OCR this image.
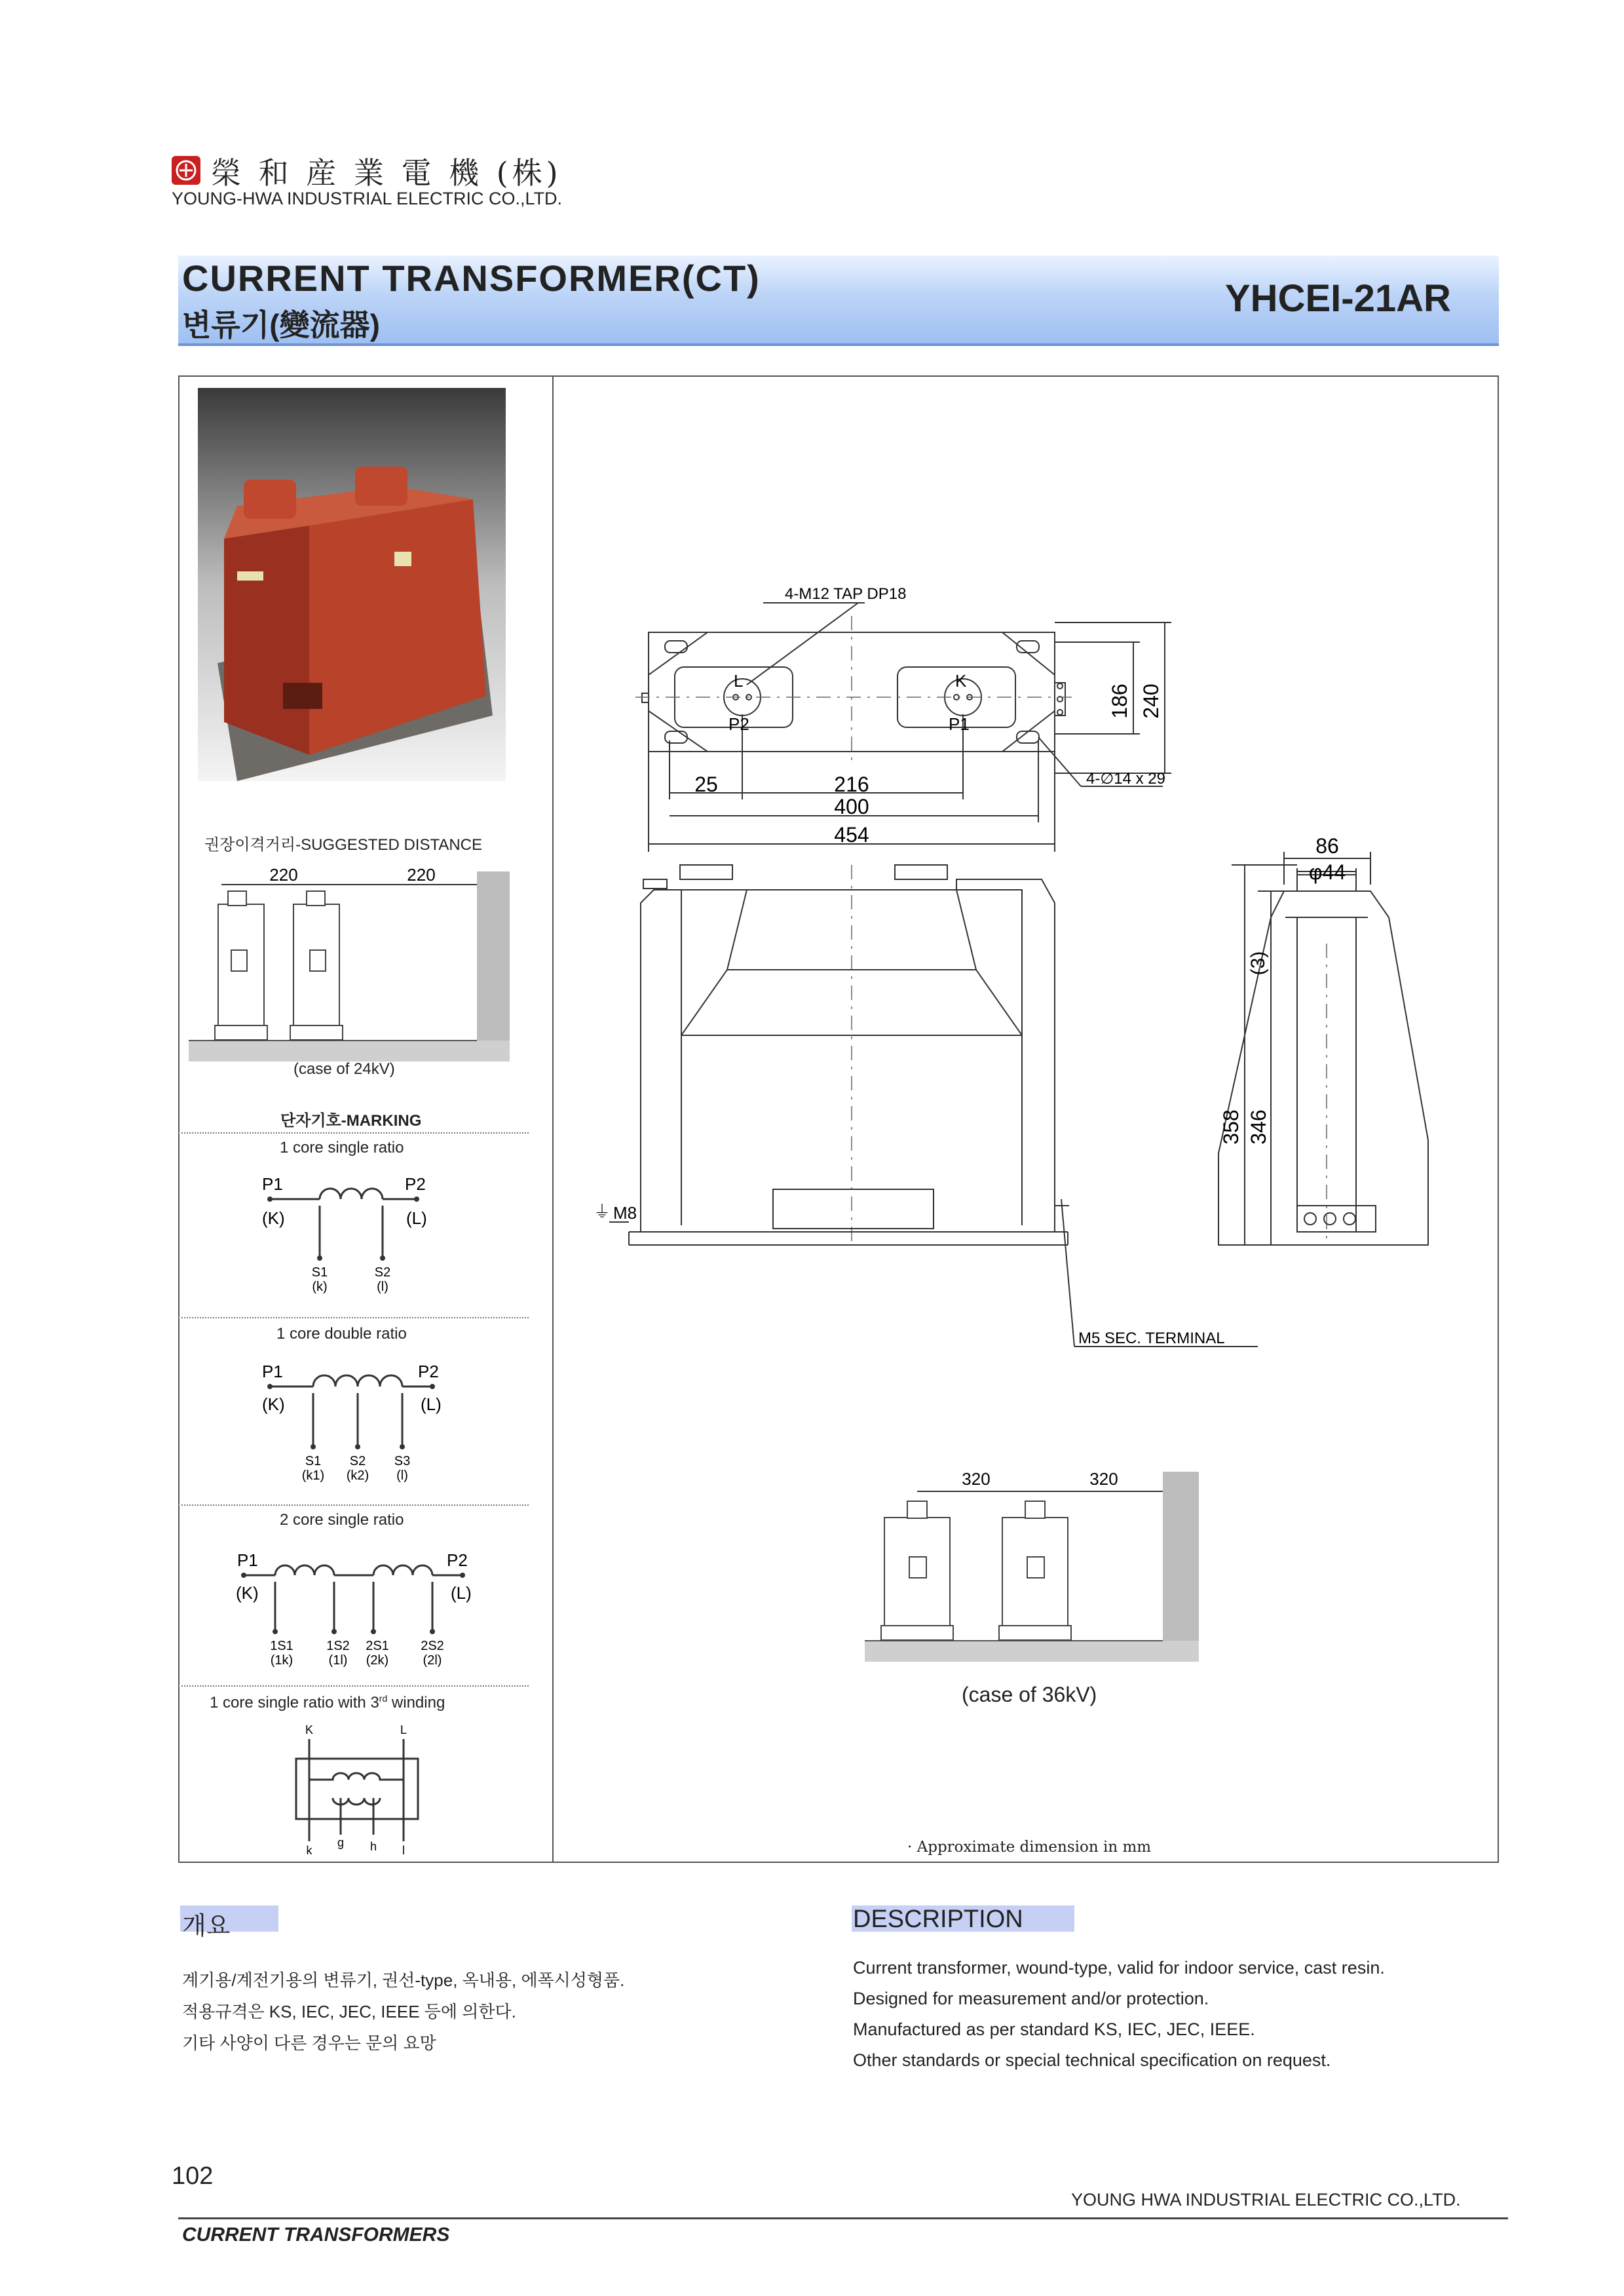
榮 和 産 業 電 機 (株)
YOUNG-HWA INDUSTRIAL ELECTRIC CO.,LTD.
CURRENT TRANSFORMER(CT)
변류기(變流器)
YHCEI-21AR
권장이격거리-SUGGESTED DISTANCE
220	220
(case of 24kV)
단자기호-MARKING
1 core single ratio
P1	P2
(K)	(L)
S1	S2
(k)	(l)
1 core double ratio
P1	P2
(K)	(L)
S1 S2 S3
(k1) (k2) (l)
2 core single ratio
P1	P2
(K)	(L)
1S1	1S2 2S1 2S2
(1k)	(1l) (2k)	(2l)
1 core single ratio with 3rd winding
K	L
k
g h l
⏚
4-M12 TAP DP18
L	K
P2	P1
186 240
25	216
400
454
4-∅14 x 29
86
φ44
(3)
358 346
M8
M5 SEC. TERMINAL
320	320
(case of 36kV)
· Approximate dimension in mm
개요
계기용/계전기용의 변류기, 권선-type, 옥내용, 에폭시성형품.
적용규격은 KS, IEC, JEC, IEEE 등에 의한다.
기타 사양이 다른 경우는 문의 요망
DESCRIPTION
Current transformer, wound-type, valid for indoor service, cast resin.
Designed for measurement and/or protection.
Manufactured as per standard KS, IEC, JEC, IEEE.
Other standards or special technical specification on request.
102
YOUNG HWA INDUSTRIAL ELECTRIC CO.,LTD.
CURRENT TRANSFORMERS
